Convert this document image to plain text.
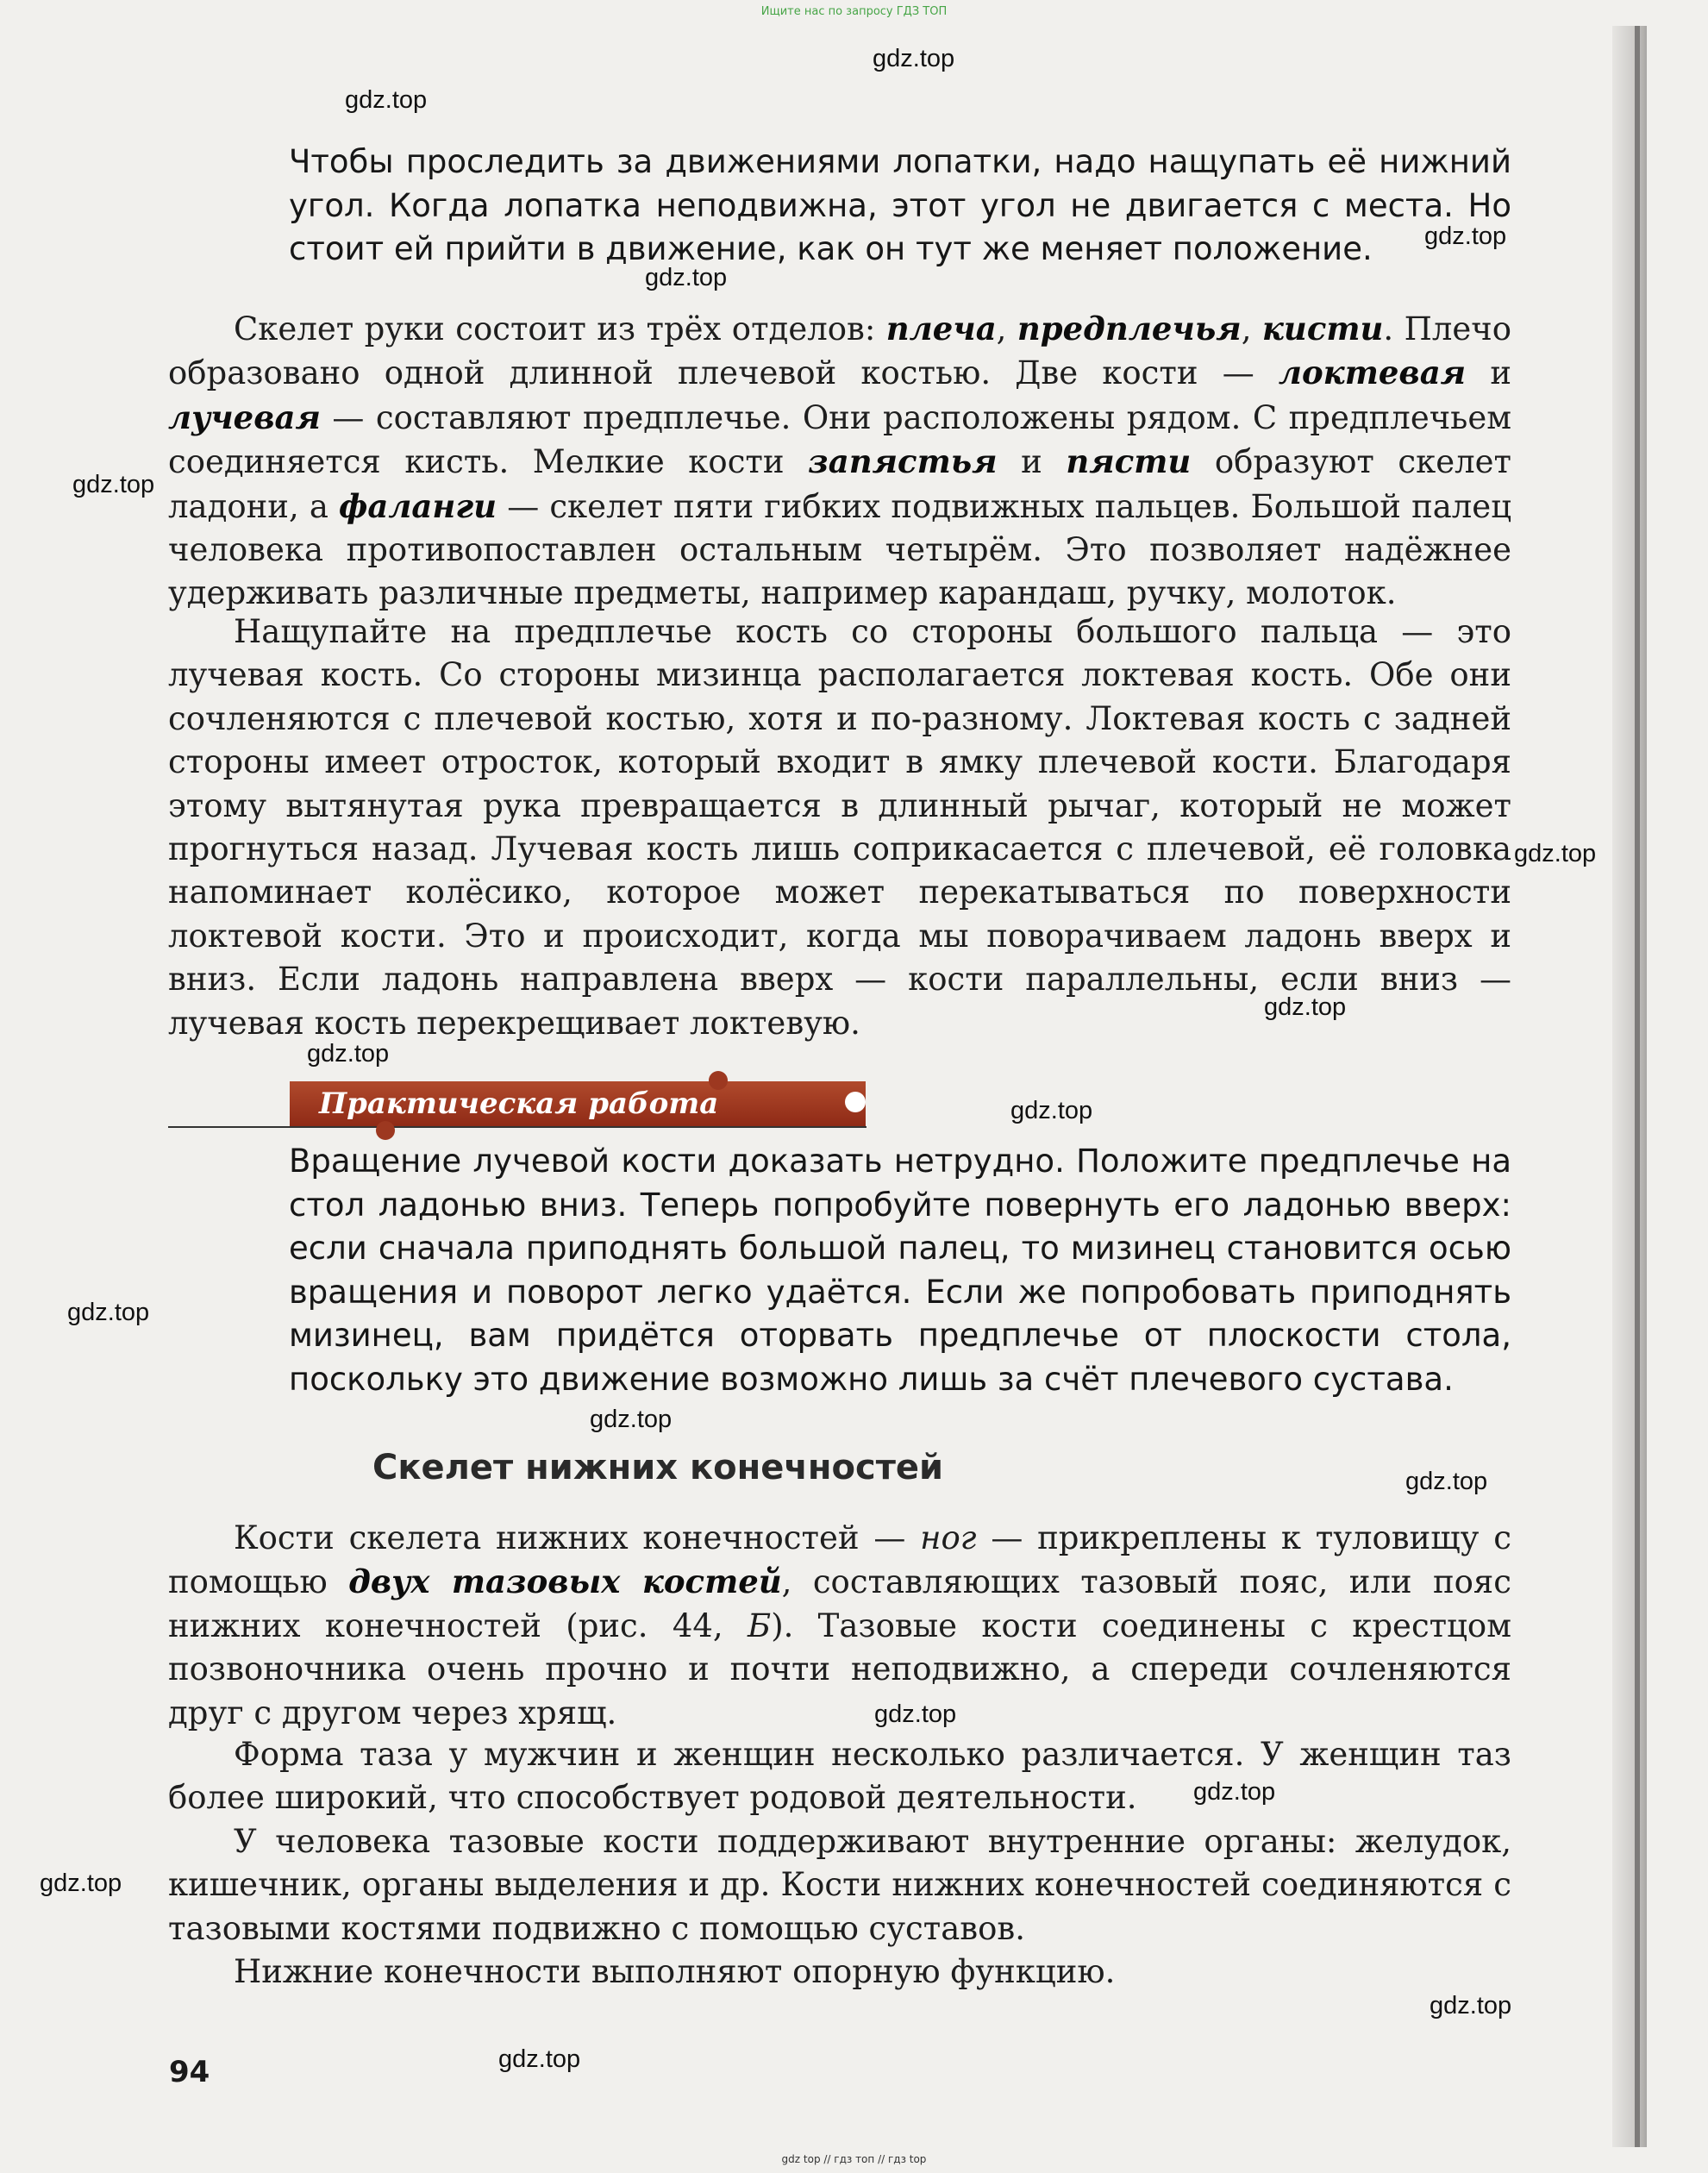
Ищите нас по запросу ГДЗ ТОП

Чтобы проследить за движениями лопатки, надо нащупать её нижний угол. Когда лопатка неподвижна, этот угол не двигается с места. Но стоит ей прийти в движение, как он тут же меняет положение.

Скелет руки состоит из трёх отделов: плеча, предплечья, кисти. Плечо образовано одной длинной плечевой костью. Две кости — локтевая и лучевая — составляют предплечье. Они расположены рядом. С предплечьем соединяется кисть. Мелкие кости запястья и пясти образуют скелет ладони, а фаланги — скелет пяти гибких подвижных пальцев. Большой палец человека противопоставлен остальным четырём. Это позволяет надёжнее удерживать различные предметы, например карандаш, ручку, молоток.

Нащупайте на предплечье кость со стороны большого пальца — это лучевая кость. Со стороны мизинца располагается локтевая кость. Обе они сочленяются с плечевой костью, хотя и по-разному. Локтевая кость с задней стороны имеет отросток, который входит в ямку плечевой кости. Благодаря этому вытянутая рука превращается в длинный рычаг, который не может прогнуться назад. Лучевая кость лишь соприкасается с плечевой, её головка напоминает колёсико, которое может перекатываться по поверхности локтевой кости. Это и происходит, когда мы поворачиваем ладонь вверх и вниз. Если ладонь направлена вверх — кости параллельны, если вниз — лучевая кость перекрещивает локтевую.

Практическая работа

Вращение лучевой кости доказать нетрудно. Положите предплечье на стол ладонью вниз. Теперь попробуйте повернуть его ладонью вверх: если сначала приподнять большой палец, то мизинец становится осью вращения и поворот легко удаётся. Если же попробовать приподнять мизинец, вам придётся оторвать предплечье от плоскости стола, поскольку это движение возможно лишь за счёт плечевого сустава.

Скелет нижних конечностей

Кости скелета нижних конечностей — ног — прикреплены к туловищу с помощью двух тазовых костей, составляющих тазовый пояс, или пояс нижних конечностей (рис. 44, Б). Тазовые кости соединены с крестцом позвоночника очень прочно и почти неподвижно, а спереди сочленяются друг с другом через хрящ.

Форма таза у мужчин и женщин несколько различается. У женщин таз более широкий, что способствует родовой деятельности.

У человека тазовые кости поддерживают внутренние органы: желудок, кишечник, органы выделения и др. Кости нижних конечностей соединяются с тазовыми костями подвижно с помощью суставов.

Нижние конечности выполняют опорную функцию.

94

gdz.top
gdz.top
gdz.top
gdz.top
gdz.top
gdz.top
gdz.top
gdz.top
gdz.top
gdz.top
gdz.top
gdz.top
gdz.top
gdz.top
gdz.top
gdz.top
gdz.top
gdz top // гдз топ // гдз top
